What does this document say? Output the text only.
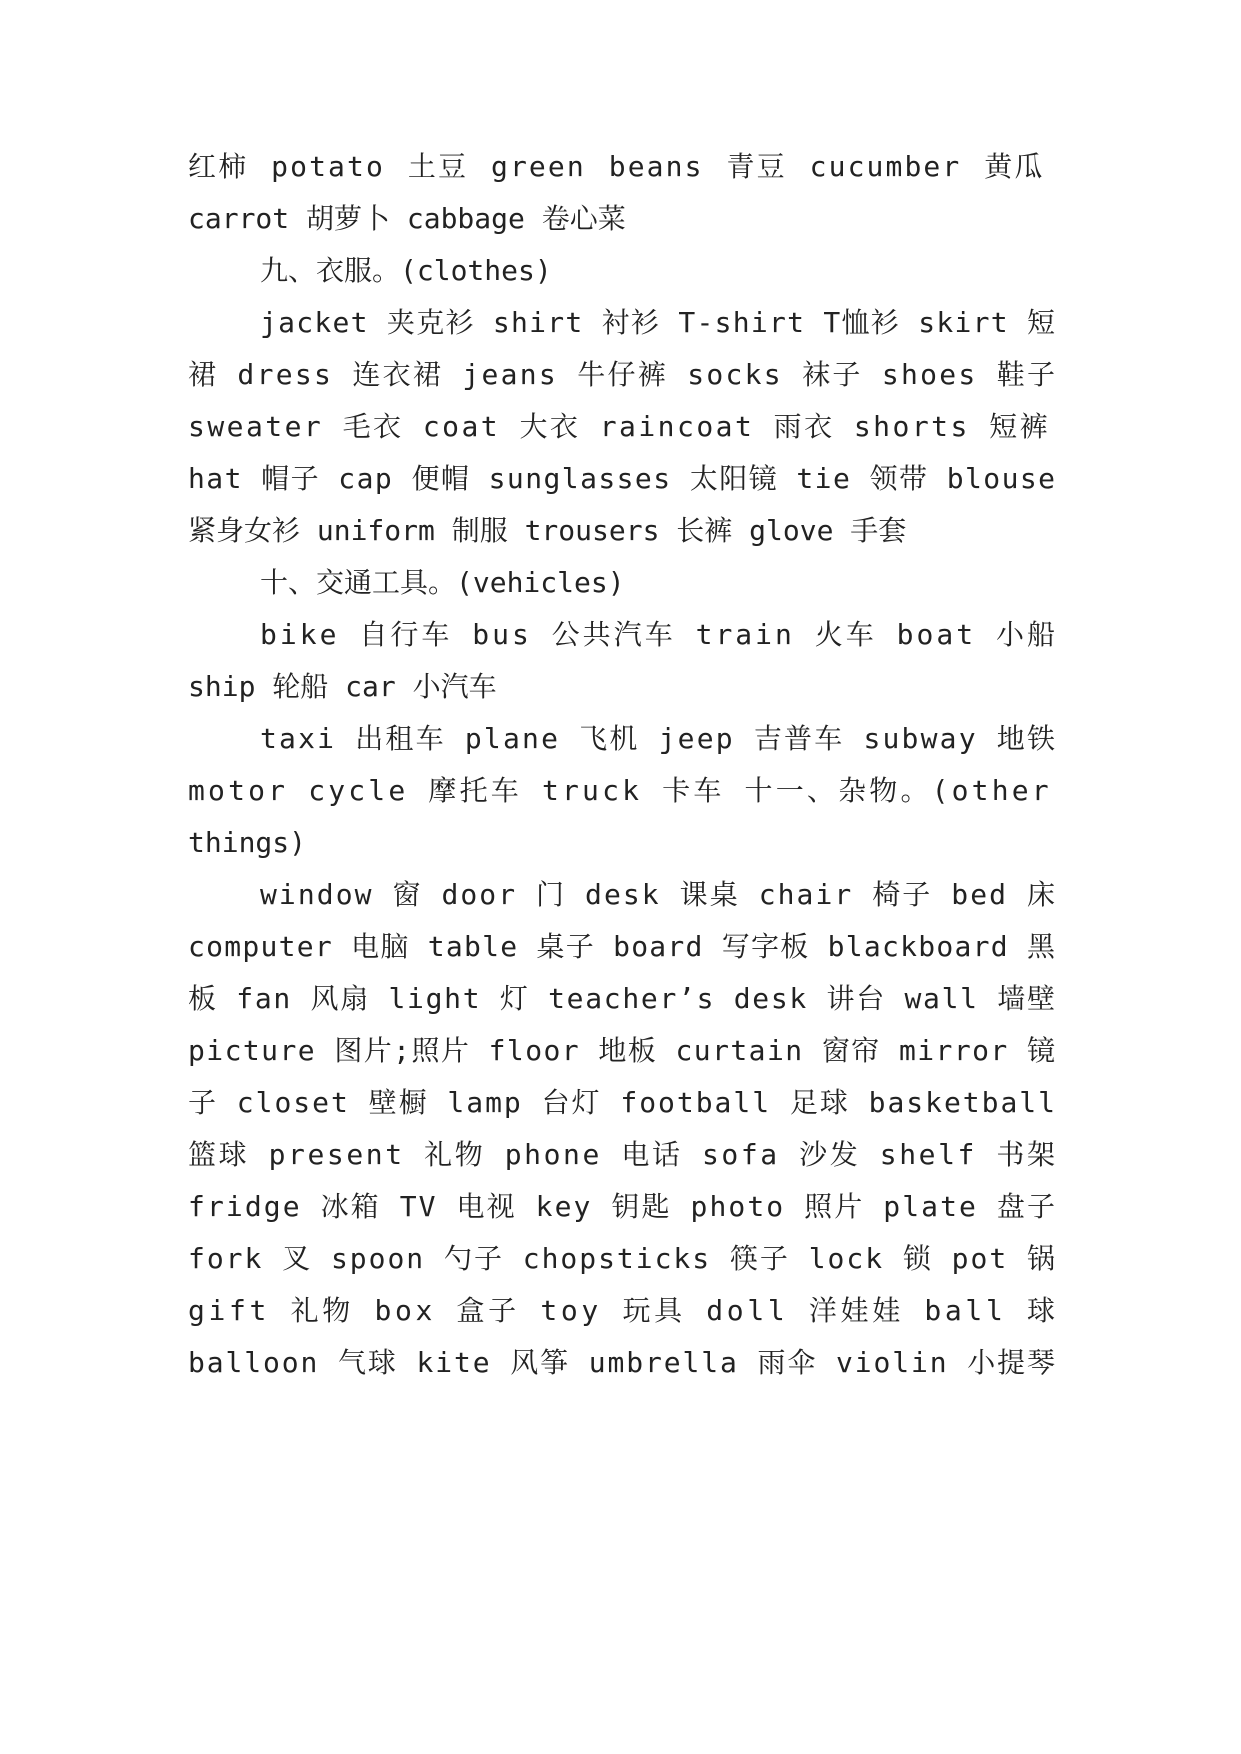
红柿 potato 土豆 green beans 青豆 cucumber 黄瓜
carrot 胡萝卜 cabbage 卷心菜
九、衣服。(clothes)
jacket 夹克衫 shirt 衬衫 T-shirt T恤衫 skirt 短
裙 dress 连衣裙 jeans 牛仔裤 socks 袜子 shoes 鞋子
sweater 毛衣 coat 大衣 raincoat 雨衣 shorts 短裤
hat 帽子 cap 便帽 sunglasses 太阳镜 tie 领带 blouse
紧身女衫 uniform 制服 trousers 长裤 glove 手套
十、交通工具。(vehicles)
bike 自行车 bus 公共汽车 train 火车 boat 小船
ship 轮船 car 小汽车
taxi 出租车 plane 飞机 jeep 吉普车 subway 地铁
motor cycle 摩托车 truck 卡车 十一、杂物。(other
things)
window 窗 door 门 desk 课桌 chair 椅子 bed 床
computer 电脑 table 桌子 board 写字板 blackboard 黑
板 fan 风扇 light 灯 teacher’s desk 讲台 wall 墙壁
picture 图片;照片 floor 地板 curtain 窗帘 mirror 镜
子 closet 壁橱 lamp 台灯 football 足球 basketball
篮球 present 礼物 phone 电话 sofa 沙发 shelf 书架
fridge 冰箱 TV 电视 key 钥匙 photo 照片 plate 盘子
fork 叉 spoon 勺子 chopsticks 筷子 lock 锁 pot 锅
gift 礼物 box 盒子 toy 玩具 doll 洋娃娃 ball 球
balloon 气球 kite 风筝 umbrella 雨伞 violin 小提琴
